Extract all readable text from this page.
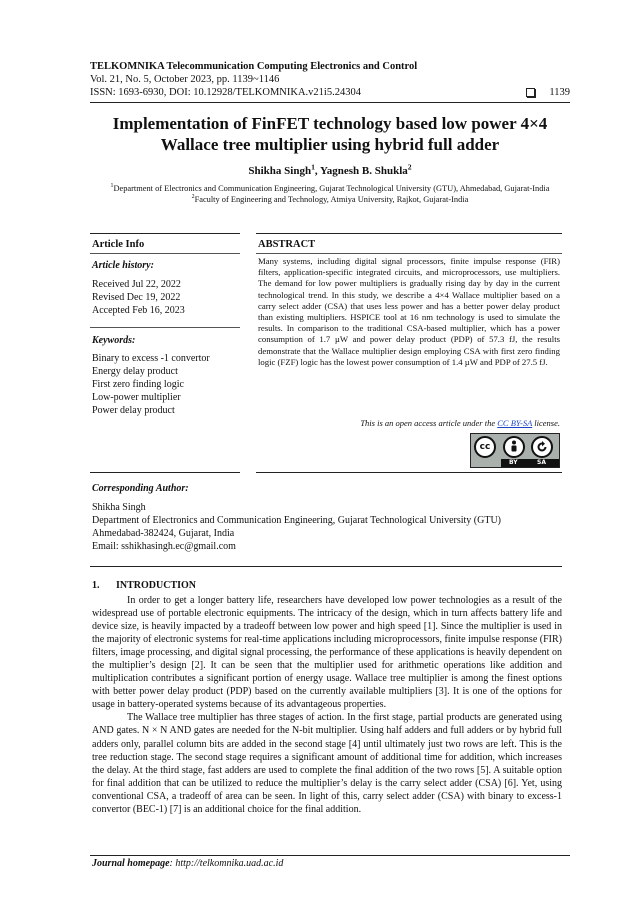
TELKOMNIKA Telecommunication Computing Electronics and Control
Vol. 21, No. 5, October 2023, pp. 1139~1146
ISSN: 1693-6930, DOI: 10.12928/TELKOMNIKA.v21i5.24304	1139
Implementation of FinFET technology based low power 4×4
Wallace tree multiplier using hybrid full adder
Shikha Singh$^1$, Yagnesh B. Shukla$^2$
$^1$Department of Electronics and Communication Engineering, Gujarat Technological University (GTU), Ahmedabad, Gujarat-India
$^2$Faculty of Engineering and Technology, Atmiya University, Rajkot, Gujarat-India
Article Info	ABSTRACT
Article history:
Received Jul 22, 2022
Revised Dec 19, 2022
Accepted Feb 16, 2023
Keywords:
Binary to excess -1 convertor
Energy delay product
First zero finding logic
Low-power multiplier
Power delay product
Many systems, including digital signal processors, finite impulse response (FIR) filters, application-specific integrated circuits, and microprocessors, use multipliers. The demand for low power multipliers is gradually rising day by day in the current technological trend. In this study, we describe a 4×4 Wallace multiplier based on a carry select adder (CSA) that uses less power and has a better power delay product than existing multipliers. HSPICE tool at 16 nm technology is used to simulate the results. In comparison to the traditional CSA-based multiplier, which has a power consumption of 1.7 µW and power delay product (PDP) of 57.3 fJ, the results demonstrate that the Wallace multiplier design employing CSA with first zero finding logic (FZF) logic has the lowest power consumption of 1.4 µW and PDP of 27.5 fJ.
This is an open access article under the CC BY-SA license.
cc
BY	SA
Corresponding Author:
Shikha Singh
Department of Electronics and Communication Engineering, Gujarat Technological University (GTU)
Ahmedabad-382424, Gujarat, India
Email: sshikhasingh.ec@gmail.com
1. INTRODUCTION

In order to get a longer battery life, researchers have developed low power technologies as a result of the widespread use of portable electronic equipments. The intricacy of the design, which in turn affects battery life and device size, is heavily impacted by a tradeoff between low power and high speed [1]. Since the multiplier is used in the majority of electronic systems for real-time applications including microprocessors, finite impulse response (FIR) filters, image processing, and digital signal processing, the performance of these applications is heavily dependent on the multiplier’s design [2]. It can be seen that the multiplier used for arithmetic operations like addition and multiplication contributes a significant portion of energy usage. Wallace tree multiplier is among the finest options with better power delay product (PDP) based on the currently available multipliers [3]. It is one of the options for usage in battery-operated systems because of its advantageous properties.

The Wallace tree multiplier has three stages of action. In the first stage, partial products are generated using AND gates. N × N AND gates are needed for the N-bit multiplier. Using half adders and full adders or by hybrid full adders only, parallel column bits are added in the second stage [4] until ultimately just two rows are left. This is the tree reduction stage. The second stage requires a significant amount of additional time for addition, which increases the delay. At the third stage, fast adders are used to complete the final addition of the two rows [5]. A suitable option for final addition that can be utilized to reduce the multiplier’s delay is the carry select adder (CSA) [6]. Yet, using conventional CSA, a tradeoff of area can be seen. In light of this, carry select adder (CSA) with binary to excess-1 convertor (BEC-1) [7] is an additional choice for the final addition.

Journal homepage: http://telkomnika.uad.ac.id
